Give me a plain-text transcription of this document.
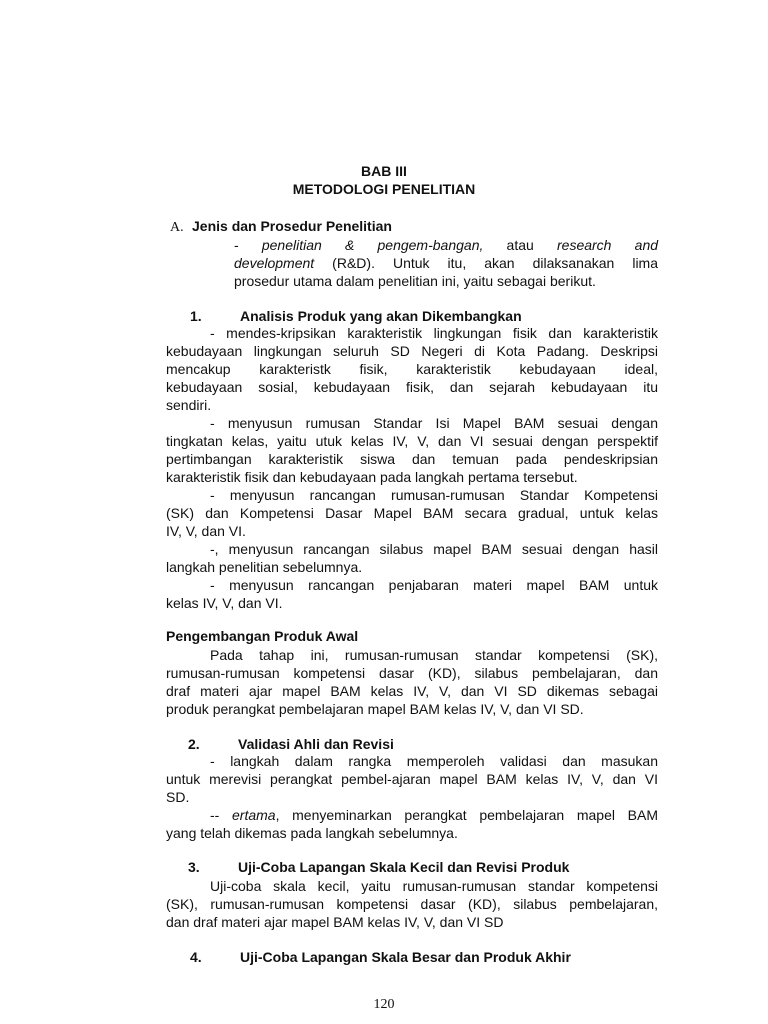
BAB III
METODOLOGI PENELITIAN
A. Jenis dan Prosedur Penelitian
- penelitian & pengem-bangan, atau research and
development (R&D). Untuk itu, akan dilaksanakan lima
prosedur utama dalam penelitian ini, yaitu sebagai berikut.
1.	Analisis Produk yang akan Dikembangkan
- mendes-kripsikan karakteristik lingkungan fisik dan karakteristik
kebudayaan lingkungan seluruh SD Negeri di Kota Padang. Deskripsi
mencakup karakteristk fisik, karakteristik kebudayaan ideal,
kebudayaan sosial, kebudayaan fisik, dan sejarah kebudayaan itu
sendiri.
- menyusun rumusan Standar Isi Mapel BAM sesuai dengan
tingkatan kelas, yaitu utuk kelas IV, V, dan VI sesuai dengan perspektif
pertimbangan karakteristik siswa dan temuan pada pendeskripsian
karakteristik fisik dan kebudayaan pada langkah pertama tersebut.
- menyusun rancangan rumusan-rumusan Standar Kompetensi
(SK) dan Kompetensi Dasar Mapel BAM secara gradual, untuk kelas
IV, V, dan VI.
-, menyusun rancangan silabus mapel BAM sesuai dengan hasil
langkah penelitian sebelumnya.
- menyusun rancangan penjabaran materi mapel BAM untuk
kelas IV, V, dan VI.
Pengembangan Produk Awal
Pada tahap ini, rumusan-rumusan standar kompetensi (SK),
rumusan-rumusan kompetensi dasar (KD), silabus pembelajaran, dan
draf materi ajar mapel BAM kelas IV, V, dan VI SD dikemas sebagai
produk perangkat pembelajaran mapel BAM kelas IV, V, dan VI SD.
2.	Validasi Ahli dan Revisi
- langkah dalam rangka memperoleh validasi dan masukan
untuk merevisi perangkat pembel-ajaran mapel BAM kelas IV, V, dan VI
SD.
-- ertama, menyeminarkan perangkat pembelajaran mapel BAM
yang telah dikemas pada langkah sebelumnya.
3.	Uji-Coba Lapangan Skala Kecil dan Revisi Produk
Uji-coba skala kecil, yaitu rumusan-rumusan standar kompetensi
(SK), rumusan-rumusan kompetensi dasar (KD), silabus pembelajaran,
dan draf materi ajar mapel BAM kelas IV, V, dan VI SD
4.	Uji-Coba Lapangan Skala Besar dan Produk Akhir
120
